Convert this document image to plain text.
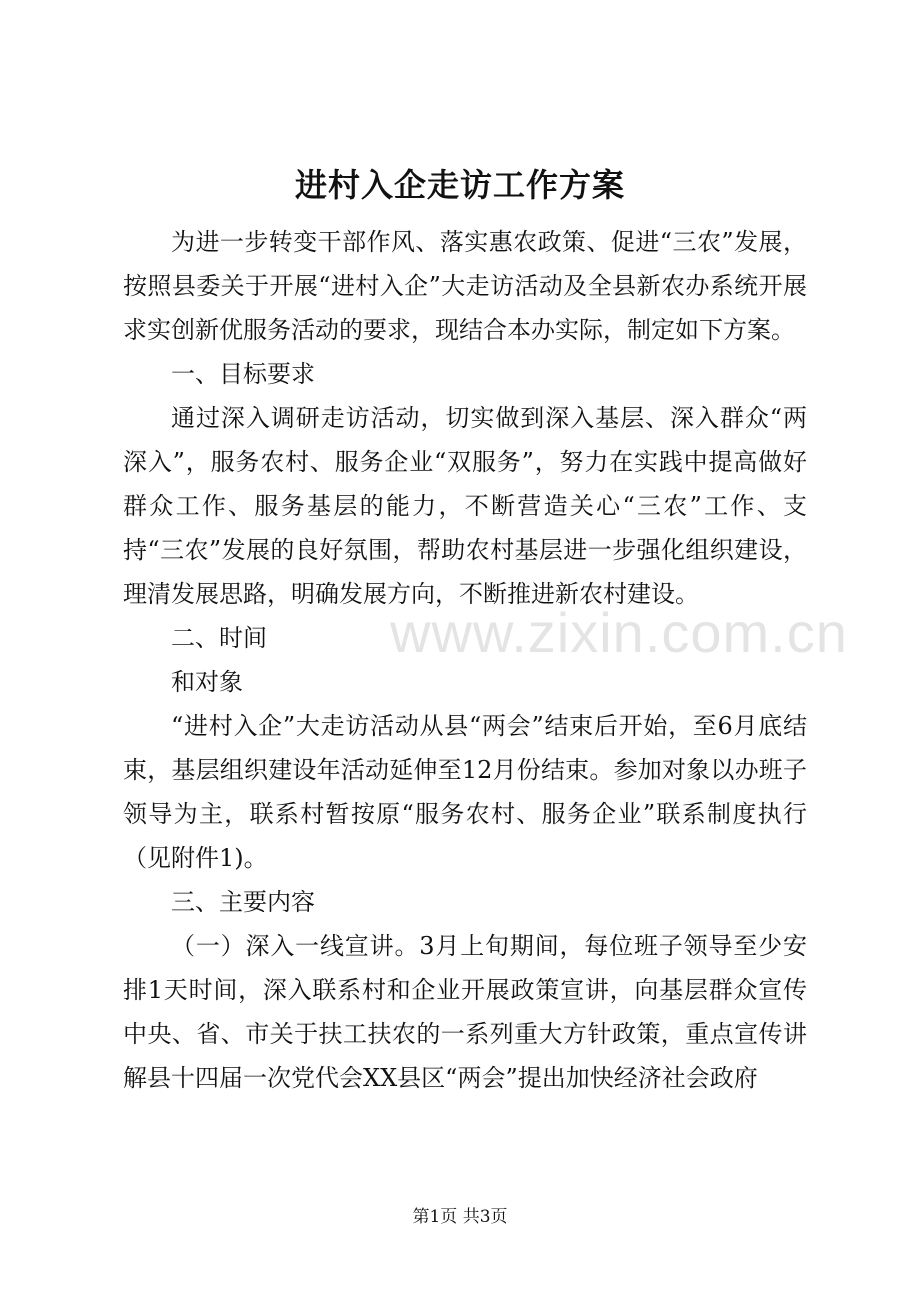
进村入企走访工作方案

为进一步转变干部作风、落实惠农政策、促进“三农”发展，按照县委关于开展“进村入企”大走访活动及全县新农办系统开展求实创新优服务活动的要求，现结合本办实际，制定如下方案。

一、目标要求

通过深入调研走访活动，切实做到深入基层、深入群众“两深入”，服务农村、服务企业“双服务”，努力在实践中提高做好群众工作、服务基层的能力，不断营造关心“三农”工作、支持“三农”发展的良好氛围，帮助农村基层进一步强化组织建设，理清发展思路，明确发展方向，不断推进新农村建设。

二、时间

和对象

“进村入企”大走访活动从县“两会”结束后开始，至6月底结束，基层组织建设年活动延伸至12月份结束。参加对象以办班子领导为主，联系村暂按原“服务农村、服务企业”联系制度执行（见附件1)。

三、主要内容

（一）深入一线宣讲。3月上旬期间，每位班子领导至少安排1天时间，深入联系村和企业开展政策宣讲，向基层群众宣传中央、省、市关于扶工扶农的一系列重大方针政策，重点宣传讲解县十四届一次党代会XX县区“两会”提出加快经济社会政府

www.zixin.com.cn
第1页 共3页
